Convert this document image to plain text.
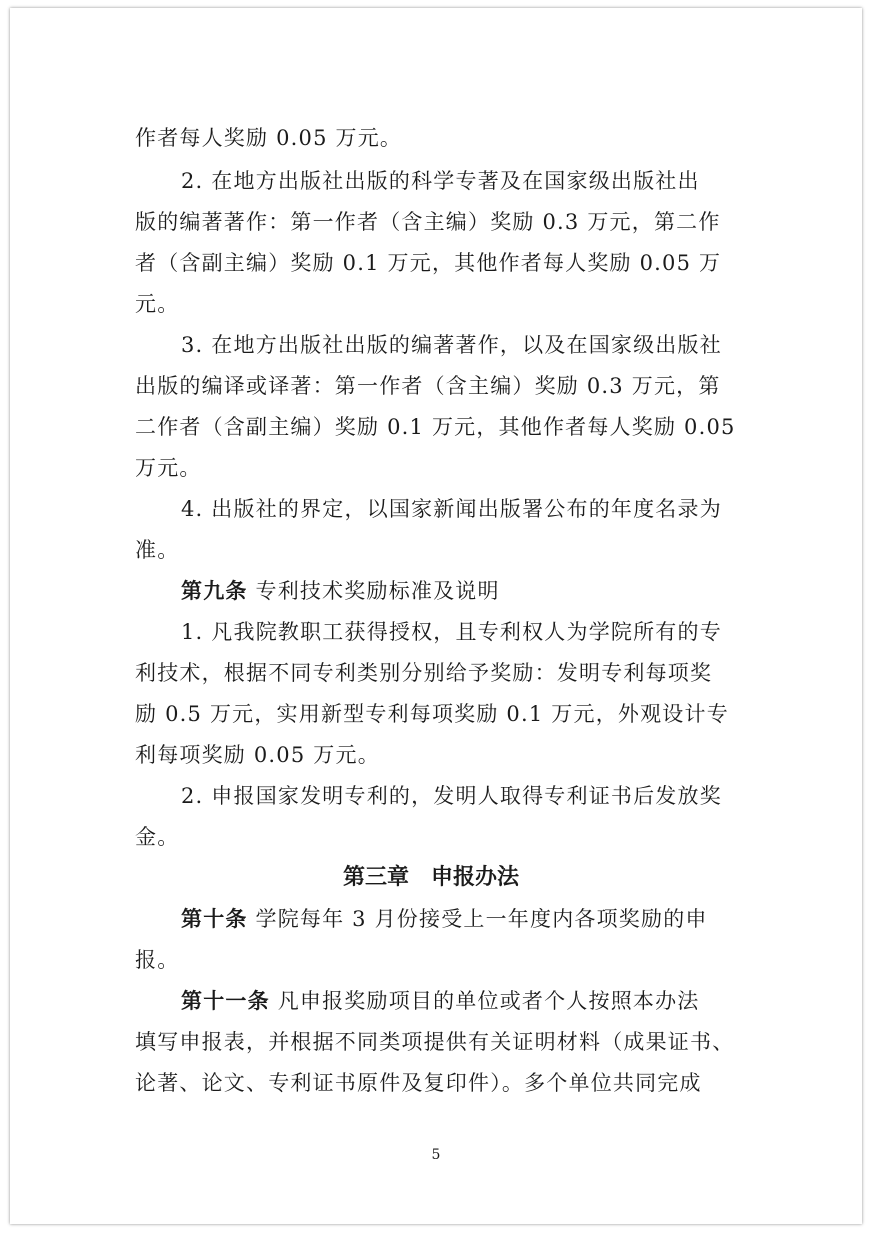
作者每人奖励 0.05 万元。
2. 在地方出版社出版的科学专著及在国家级出版社出
版的编著著作：第一作者（含主编）奖励 0.3 万元，第二作
者（含副主编）奖励 0.1 万元，其他作者每人奖励 0.05 万
元。
3. 在地方出版社出版的编著著作，以及在国家级出版社
出版的编译或译著：第一作者（含主编）奖励 0.3 万元，第
二作者（含副主编）奖励 0.1 万元，其他作者每人奖励 0.05
万元。
4. 出版社的界定，以国家新闻出版署公布的年度名录为
准。
第九条 专利技术奖励标准及说明
1. 凡我院教职工获得授权，且专利权人为学院所有的专
利技术，根据不同专利类别分别给予奖励：发明专利每项奖
励 0.5 万元，实用新型专利每项奖励 0.1 万元，外观设计专
利每项奖励 0.05 万元。
2. 申报国家发明专利的，发明人取得专利证书后发放奖
金。
第三章　申报办法
第十条 学院每年 3 月份接受上一年度内各项奖励的申
报。
第十一条 凡申报奖励项目的单位或者个人按照本办法
填写申报表，并根据不同类项提供有关证明材料（成果证书、
论著、论文、专利证书原件及复印件）。多个单位共同完成
5
